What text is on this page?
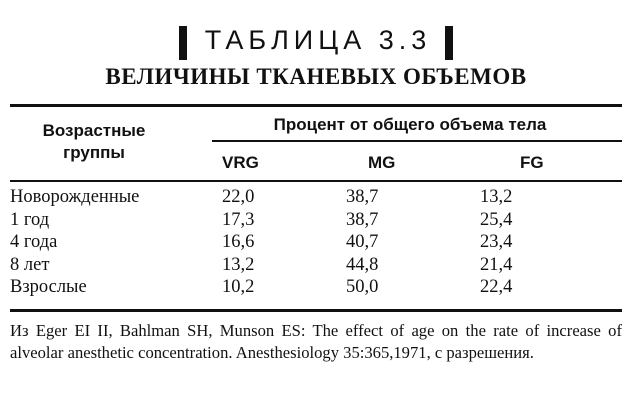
ТАБЛИЦА 3.3
ВЕЛИЧИНЫ ТКАНЕВЫХ ОБЪЕМОВ
Возрастные
группы
Процент от общего объема тела
VRG	MG	FG
Новорожденные	22,0	38,7	13,2
1 год	17,3	38,7	25,4
4 года	16,6	40,7	23,4
8 лет	13,2	44,8	21,4
Взрослые	10,2	50,0	22,4
Из Eger EI II, Bahlman SH, Munson ES: The effect of age on the rate of increase of alveolar anesthetic concentration. Anesthesiology 35:365,1971, с разрешения.
